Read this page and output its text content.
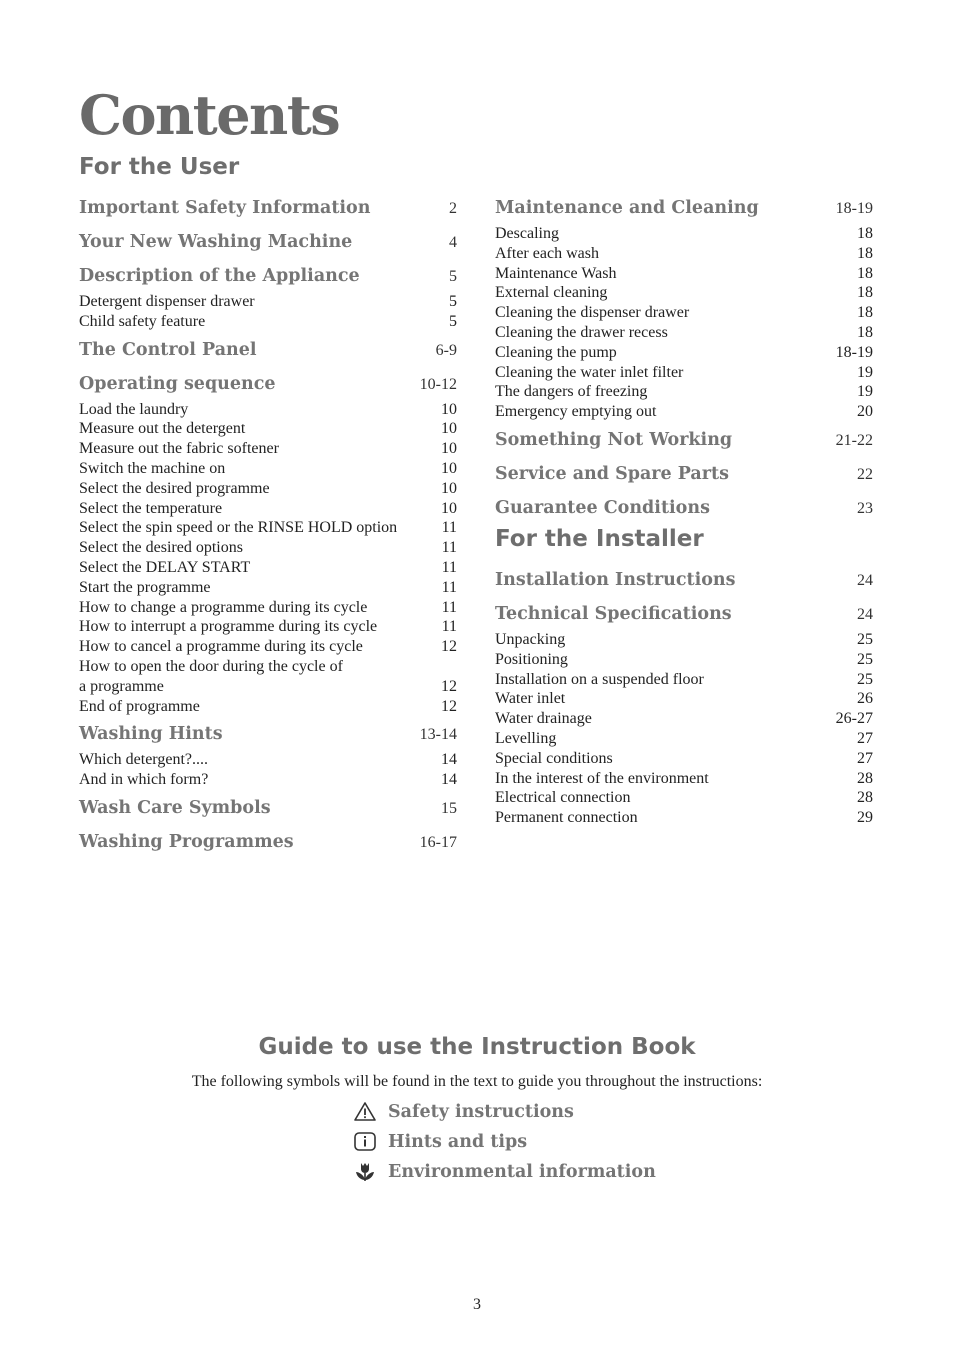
Contents
For the User
For the Installer
Important Safety Information	2
Your New Washing Machine	4
Description of the Appliance	5
Detergent dispenser drawer	5
Child safety feature	5
The Control Panel	6-9
Operating sequence	10-12
Load the laundry	10
Measure out the detergent	10
Measure out the fabric softener	10
Switch the machine on	10
Select the desired programme	10
Select the temperature	10
Select the spin speed or the RINSE HOLD option	11
Select the desired options	11
Select the DELAY START	11
Start the programme	11
How to change a programme during its cycle	11
How to interrupt a programme during its cycle	11
How to cancel a programme during its cycle	12
How to open the door during the cycle of
a programme	12
End of programme	12
Washing Hints	13-14
Which detergent?....	14
And in which form?	14
Wash Care Symbols	15
Washing Programmes	16-17
Maintenance and Cleaning	18-19
Descaling	18
After each wash	18
Maintenance Wash	18
External cleaning	18
Cleaning the dispenser drawer	18
Cleaning the drawer recess	18
Cleaning the pump	18-19
Cleaning the water inlet filter	19
The dangers of freezing	19
Emergency emptying out	20
Something Not Working	21-22
Service and Spare Parts	22
Guarantee Conditions	23
Installation Instructions	24
Technical Specifications	24
Unpacking	25
Positioning	25
Installation on a suspended floor	25
Water inlet	26
Water drainage	26-27
Levelling	27
Special conditions	27
In the interest of the environment	28
Electrical connection	28
Permanent connection	29
Guide to use the Instruction Book

The following symbols will be found in the text to guide you throughout the instructions:

Safety instructions
Hints and tips
Environmental information
3
